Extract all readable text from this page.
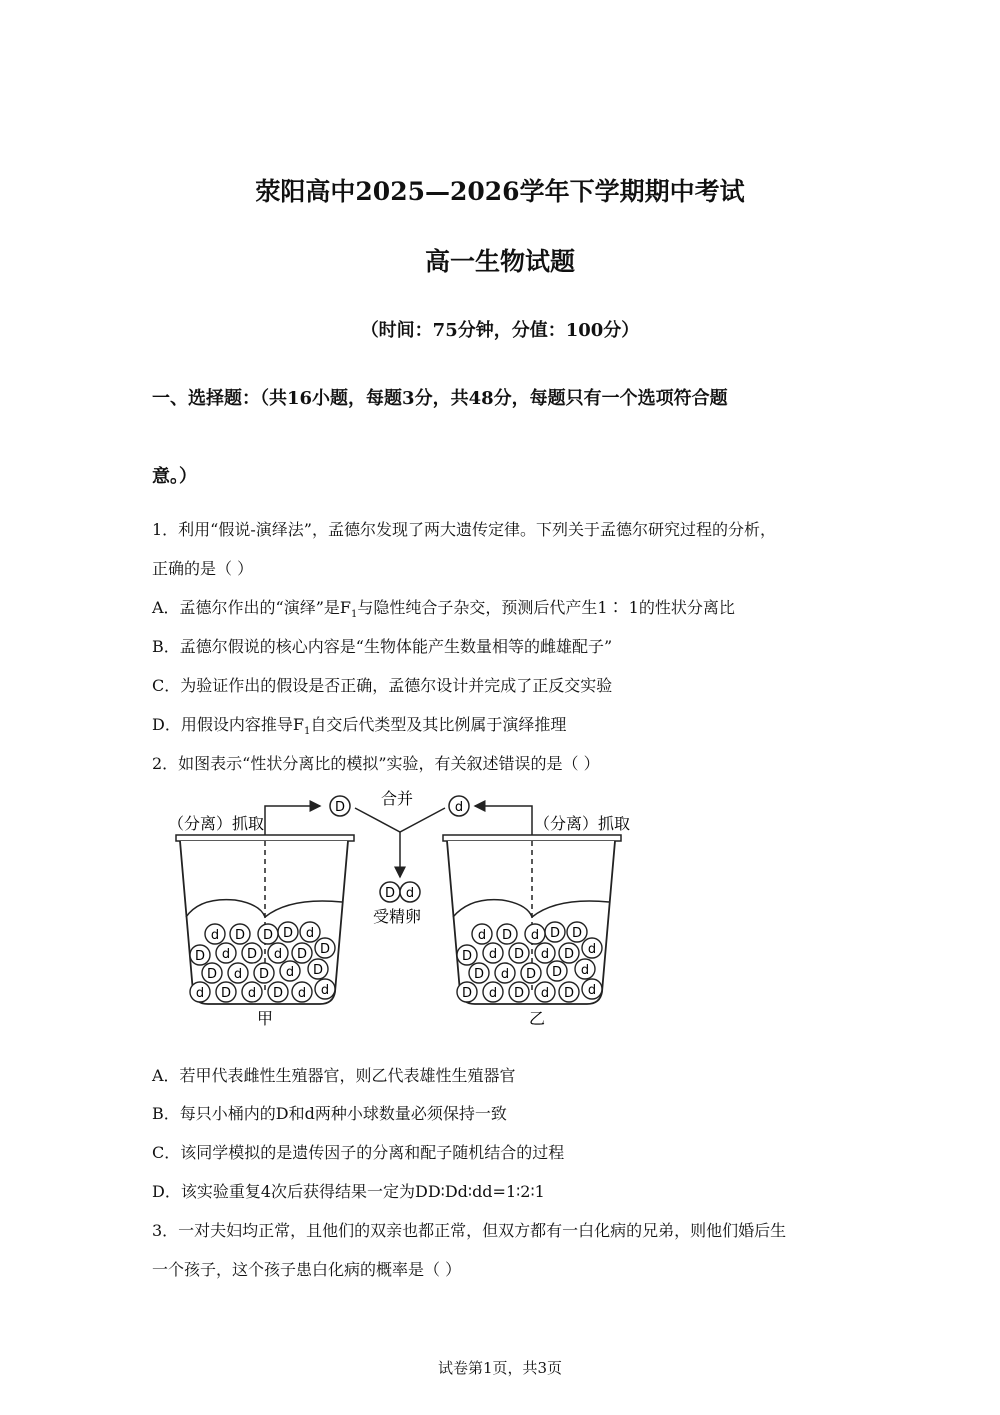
荥阳高中2025—2026学年下学期期中考试
高一生物试题
（时间：75分钟，分值：100分）
一、选择题：（共16小题，每题3分，共48分，每题只有一个选项符合题
意。）
1．利用“假说-演绎法”，孟德尔发现了两大遗传定律。下列关于孟德尔研究过程的分析，
正确的是（ ）
A．孟德尔作出的“演绎”是$F_1$与隐性纯合子杂交，预测后代产生1∶ 1的性状分离比
B．孟德尔假说的核心内容是“生物体能产生数量相等的雌雄配子”
C．为验证作出的假设是否正确，孟德尔设计并完成了正反交实验
D．用假设内容推导$F_1$自交后代类型及其比例属于演绎推理
2．如图表示“性状分离比的模拟”实验，有关叙述错误的是（ ）
（分离）抓取	（分离）抓取
合并
受精卵
甲	乙
D	d
D d
d	D
D d D d D D
D d D d D
d D d D d d
D D	d	d	D
D d D d D d
D d D D d
D d D d D d
D d	D
A．若甲代表雌性生殖器官，则乙代表雄性生殖器官
B．每只小桶内的D和d两种小球数量必须保持一致
C．该同学模拟的是遗传因子的分离和配子随机结合的过程
D．该实验重复4次后获得结果一定为DD∶Dd∶dd=1∶2∶1
3．一对夫妇均正常，且他们的双亲也都正常，但双方都有一白化病的兄弟，则他们婚后生
一个孩子，这个孩子患白化病的概率是（ ）
试卷第1页，共3页
